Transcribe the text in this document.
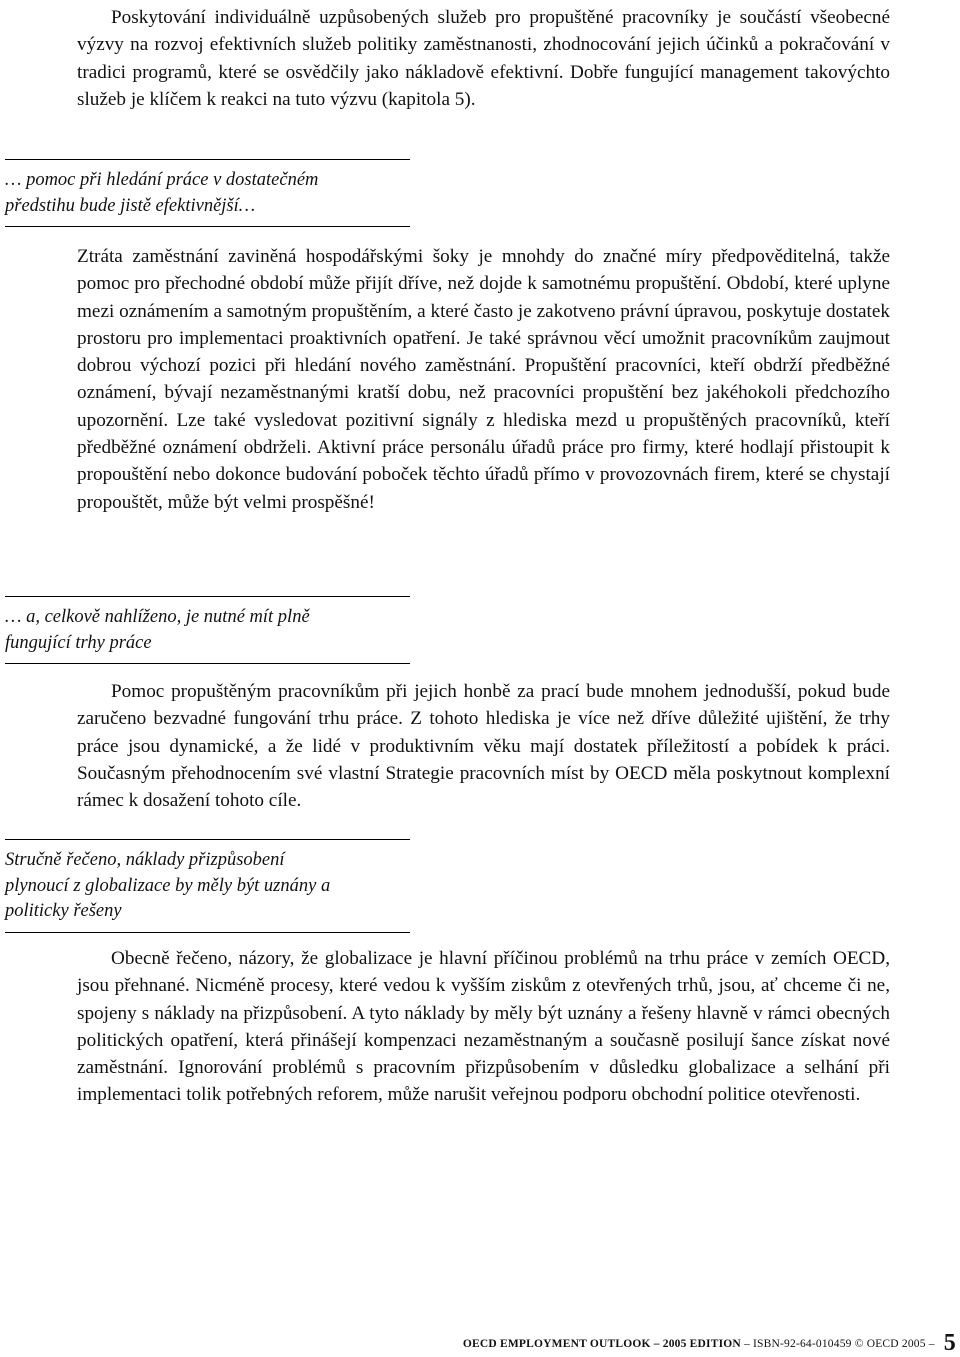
Poskytování individuálně uzpůsobených služeb pro propuštěné pracovníky je součástí všeobecné výzvy na rozvoj efektivních služeb politiky zaměstnanosti, zhodnocování jejich účinků a pokračování v tradici programů, které se osvědčily jako nákladově efektivní. Dobře fungující management takovýchto služeb je klíčem k reakci na tuto výzvu (kapitola 5).

… pomoc při hledání práce v dostatečném
předstihu bude jistě efektivnější…

Ztráta zaměstnání zaviněná hospodářskými šoky je mnohdy do značné míry předpověditelná, takže pomoc pro přechodné období může přijít dříve, než dojde k samotnému propuštění. Období, které uplyne mezi oznámením a samotným propuštěním, a které často je zakotveno právní úpravou, poskytuje dostatek prostoru pro implementaci proaktivních opatření. Je také správnou věcí umožnit pracovníkům zaujmout dobrou výchozí pozici při hledání nového zaměstnání. Propuštění pracovníci, kteří obdrží předběžné oznámení, bývají nezaměstnanými kratší dobu, než pracovníci propuštění bez jakéhokoli předchozího upozornění. Lze také vysledovat pozitivní signály z hlediska mezd u propuštěných pracovníků, kteří předběžné oznámení obdrželi. Aktivní práce personálu úřadů práce pro firmy, které hodlají přistoupit k propouštění nebo dokonce budování poboček těchto úřadů přímo v provozovnách firem, které se chystají propouštět, může být velmi prospěšné!

… a, celkově nahlíženo, je nutné mít plně
fungující trhy práce

Pomoc propuštěným pracovníkům při jejich honbě za prací bude mnohem jednodušší, pokud bude zaručeno bezvadné fungování trhu práce. Z tohoto hlediska je více než dříve důležité ujištění, že trhy práce jsou dynamické, a že lidé v produktivním věku mají dostatek příležitostí a pobídek k práci. Současným přehodnocením své vlastní Strategie pracovních míst by OECD měla poskytnout komplexní rámec k dosažení tohoto cíle.

Stručně řečeno, náklady přizpůsobení
plynoucí z globalizace by měly být uznány a
politicky řešeny

Obecně řečeno, názory, že globalizace je hlavní příčinou problémů na trhu práce v zemích OECD, jsou přehnané. Nicméně procesy, které vedou k vyšším ziskům z otevřených trhů, jsou, ať chceme či ne, spojeny s náklady na přizpůsobení. A tyto náklady by měly být uznány a řešeny hlavně v rámci obecných politických opatření, která přinášejí kompenzaci nezaměstnaným a současně posilují šance získat nové zaměstnání. Ignorování problémů s pracovním přizpůsobením v důsledku globalizace a selhání při implementaci tolik potřebných reforem, může narušit veřejnou podporu obchodní politice otevřenosti.

OECD EMPLOYMENT OUTLOOK – 2005 EDITION – ISBN-92-64-010459 © OECD 2005 – 5
